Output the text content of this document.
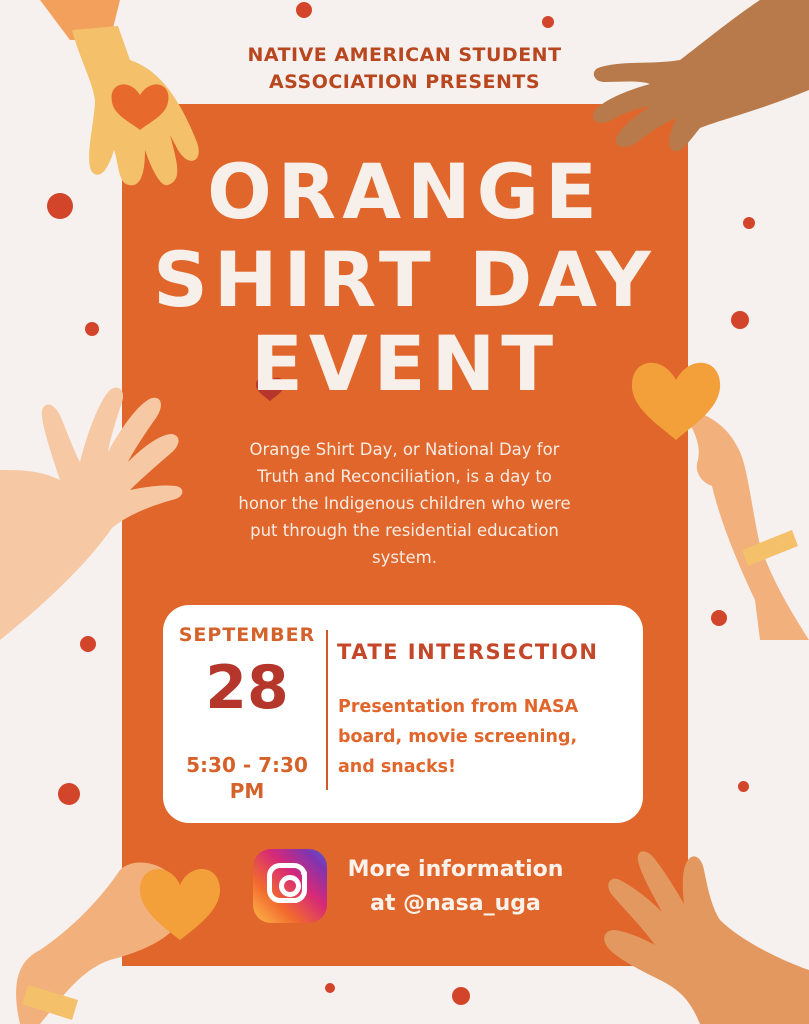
NATIVE AMERICAN STUDENT
ASSOCIATION PRESENTS
ORANGE
SHIRT DAY
EVENT
Orange Shirt Day, or National Day for
Truth and Reconciliation, is a day to
honor the Indigenous children who were
put through the residential education
system.
SEPTEMBER
28
5:30 - 7:30
PM
TATE INTERSECTION
Presentation from NASA
board, movie screening,
and snacks!
More information
at @nasa_uga
